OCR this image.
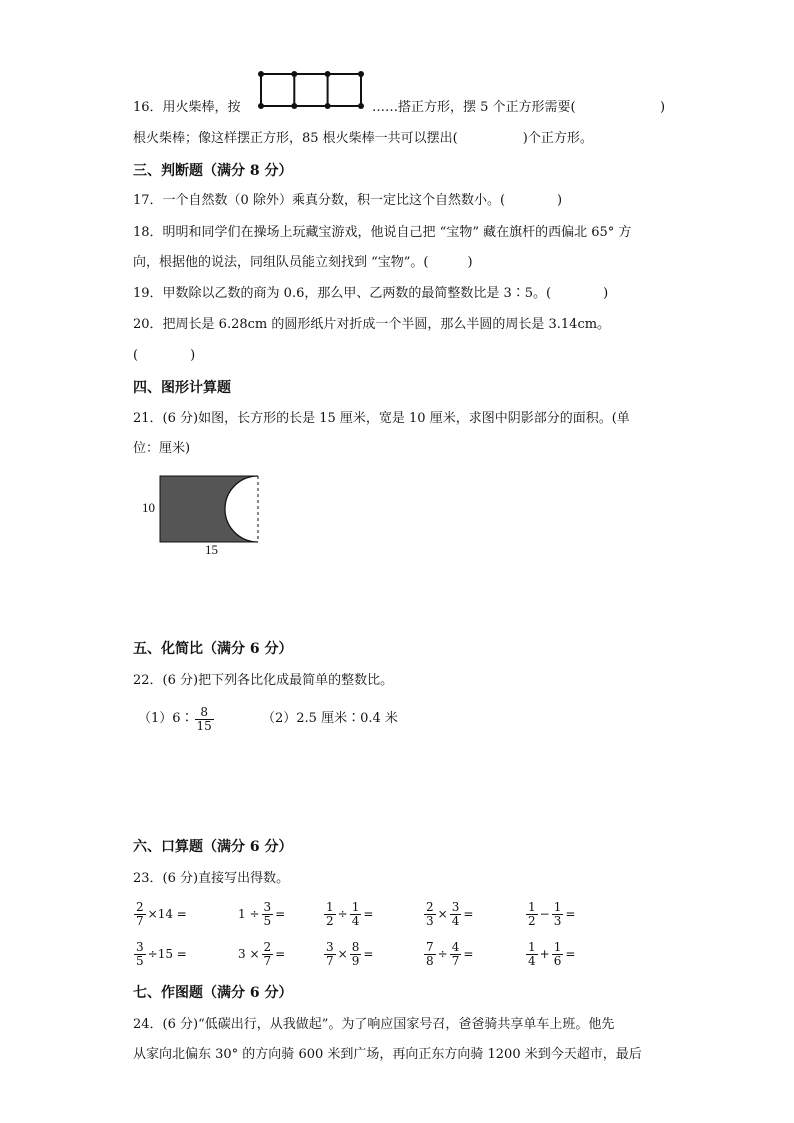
16．用火柴棒，按	……搭正方形，摆 5 个正方形需要(	)
根火柴棒；像这样摆正方形，85 根火柴棒一共可以摆出(　　　　　)个正方形。
三、判断题（满分 8 分）
17．一个自然数（0 除外）乘真分数，积一定比这个自然数小。(　　　　)
18．明明和同学们在操场上玩藏宝游戏，他说自己把 “宝物” 藏在旗杆的西偏北 65° 方
向，根据他的说法，同组队员能立刻找到 “宝物”。(　　　)
19．甲数除以乙数的商为 0.6，那么甲、乙两数的最简整数比是 3∶5。(　　　　)
20．把周长是 6.28cm 的圆形纸片对折成一个半圆，那么半圆的周长是 3.14cm。
(　　　　)
四、图形计算题
21．(6 分)如图，长方形的长是 15 厘米，宽是 10 厘米，求图中阴影部分的面积。(单
位：厘米)
10
15
五、化简比（满分 6 分）
22．(6 分)把下列各比化成最简单的整数比。
（1）6∶ $\frac{8}{15}$	（2）2.5 厘米∶0.4 米
六、口算题（满分 6 分）
23．(6 分)直接写出得数。
$\frac{2}{7} \times 14$ =	$1 \div \frac{3}{5}$ =	$\frac{1}{2} \div \frac{1}{4}$ =	$\frac{2}{3} \times \frac{3}{4}$ =	$\frac{1}{2} - \frac{1}{3}$ =
$\frac{3}{5} \div 15$ =	$3 \times \frac{2}{7}$ =	$\frac{3}{7} \times \frac{8}{9}$ =	$\frac{7}{8} \div \frac{4}{7}$ =	$\frac{1}{4} + \frac{1}{6}$ =
七、作图题（满分 6 分）
24．(6 分)“低碳出行，从我做起”。为了响应国家号召，爸爸骑共享单车上班。他先
从家向北偏东 30° 的方向骑 600 米到广场，再向正东方向骑 1200 米到今天超市，最后
